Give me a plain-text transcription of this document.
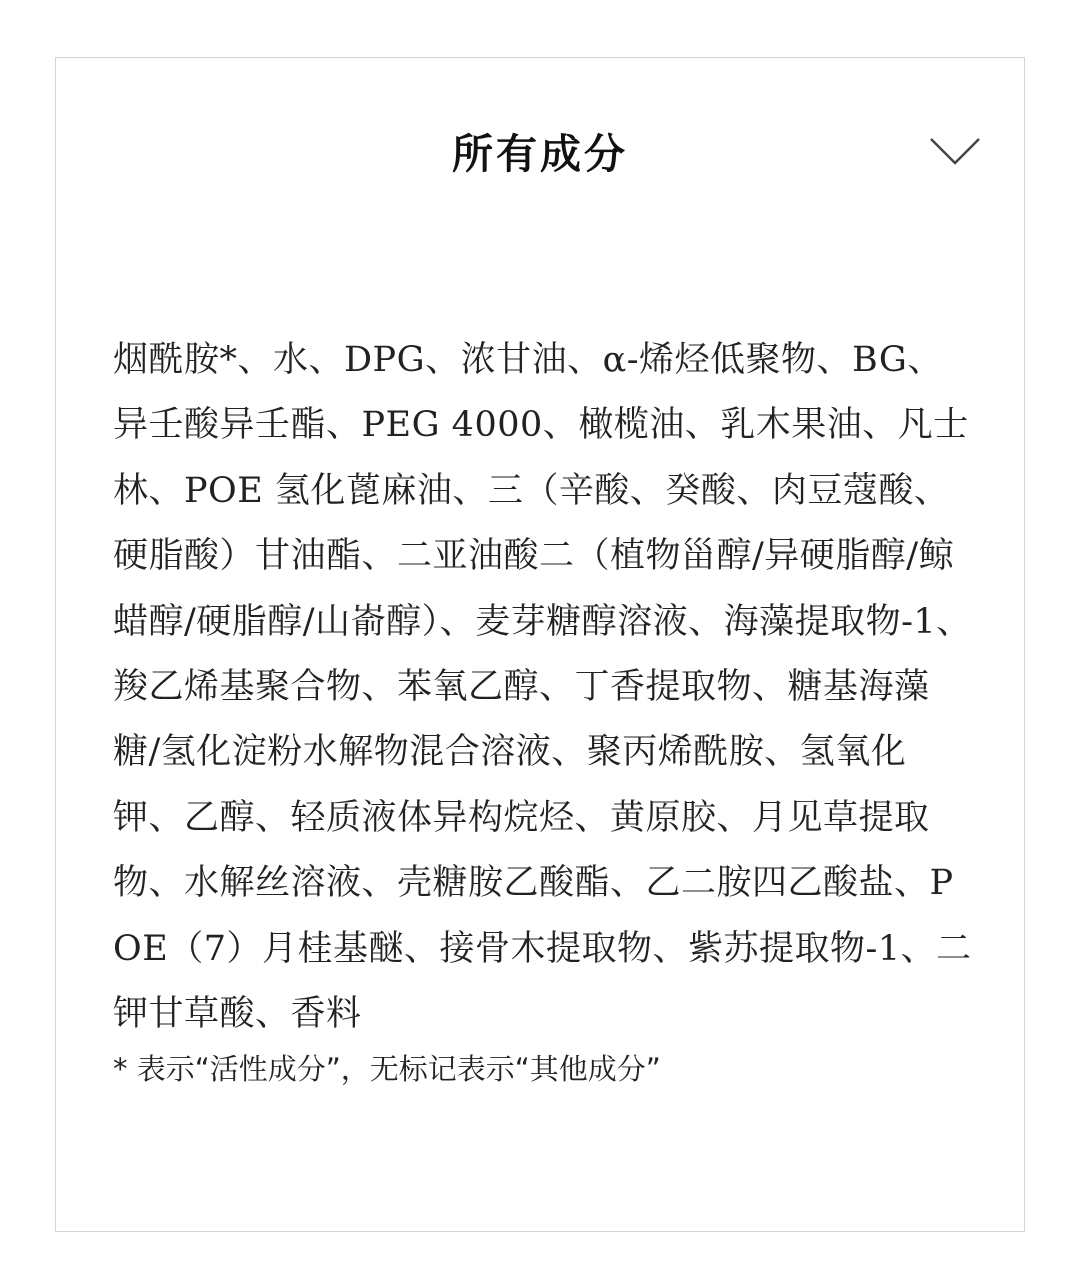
所有成分

烟酰胺*、水、DPG、浓甘油、α-烯烃低聚物、BG、异壬酸异壬酯、PEG 4000、橄榄油、乳木果油、凡士林、POE 氢化蓖麻油、三（辛酸、癸酸、肉豆蔻酸、硬脂酸）甘油酯、二亚油酸二（植物甾醇/异硬脂醇/鲸蜡醇/硬脂醇/山嵛醇）、麦芽糖醇溶液、海藻提取物-1、羧乙烯基聚合物、苯氧乙醇、丁香提取物、糖基海藻糖/氢化淀粉水解物混合溶液、聚丙烯酰胺、氢氧化钾、乙醇、轻质液体异构烷烃、黄原胶、月见草提取物、水解丝溶液、壳糖胺乙酸酯、乙二胺四乙酸盐、POE（7）月桂基醚、接骨木提取物、紫苏提取物-1、二钾甘草酸、香料

* 表示“活性成分”，无标记表示“其他成分”
